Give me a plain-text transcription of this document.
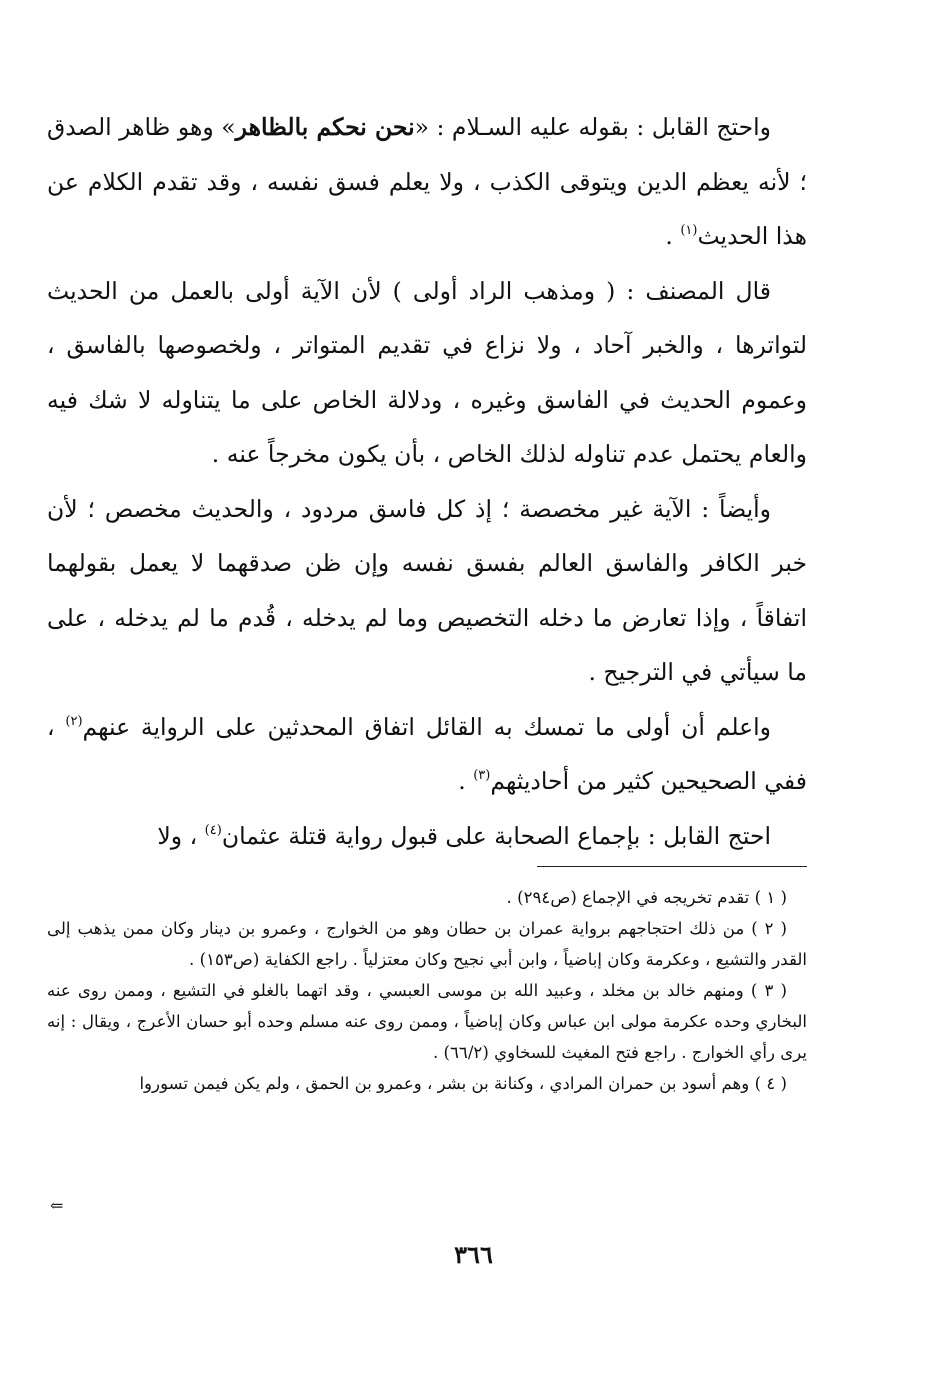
واحتج القابل : بقوله عليه السـلام : «نحن نحكم بالظاهر» وهو ظاهر الصدق ؛ لأنه يعظم الدين ويتوقى الكذب ، ولا يعلم فسق نفسه ، وقد تقدم الكلام عن هذا الحديث$^{(١)}$ .

قال المصنف : ( ومذهب الراد أولى ) لأن الآية أولى بالعمل من الحديث لتواترها ، والخبر آحاد ، ولا نزاع في تقديم المتواتر ، ولخصوصها بالفاسق ، وعموم الحديث في الفاسق وغيره ، ودلالة الخاص على ما يتناوله لا شك فيه والعام يحتمل عدم تناوله لذلك الخاص ، بأن يكون مخرجاً عنه .

وأيضاً : الآية غير مخصصة ؛ إذ كل فاسق مردود ، والحديث مخصص ؛ لأن خبر الكافر والفاسق العالم بفسق نفسه وإن ظن صدقهما لا يعمل بقولهما اتفاقاً ، وإذا تعارض ما دخله التخصيص وما لم يدخله ، قُدم ما لم يدخله ، على ما سيأتي في الترجيح .

واعلم أن أولى ما تمسك به القائل اتفاق المحدثين على الرواية عنهم$^{(٢)}$ ، ففي الصحيحين كثير من أحاديثهم$^{(٣)}$ .

احتج القابل : بإجماع الصحابة على قبول رواية قتلة عثمان$^{(٤)}$ ، ولا

( ١ ) تقدم تخريجه في الإجماع (ص٢٩٤) .

( ٢ ) من ذلك احتجاجهم برواية عمران بن حطان وهو من الخوارج ، وعمرو بن دينار وكان ممن يذهب إلى القدر والتشيع ، وعكرمة وكان إباضياً ، وابن أبي نجيح وكان معتزلياً . راجع الكفاية (ص١٥٣) .

( ٣ ) ومنهم خالد بن مخلد ، وعبيد الله بن موسى العبسي ، وقد اتهما بالغلو في التشيع ، وممن روى عنه البخاري وحده عكرمة مولى ابن عباس وكان إباضياً ، وممن روى عنه مسلم وحده أبو حسان الأعرج ، ويقال : إنه يرى رأي الخوارج . راجع فتح المغيث للسخاوي (٦٦/٢) .

( ٤ ) وهم أسود بن حمران المرادي ، وكنانة بن بشر ، وعمرو بن الحمق ، ولم يكن فيمن تسوروا

⇐
٣٦٦
